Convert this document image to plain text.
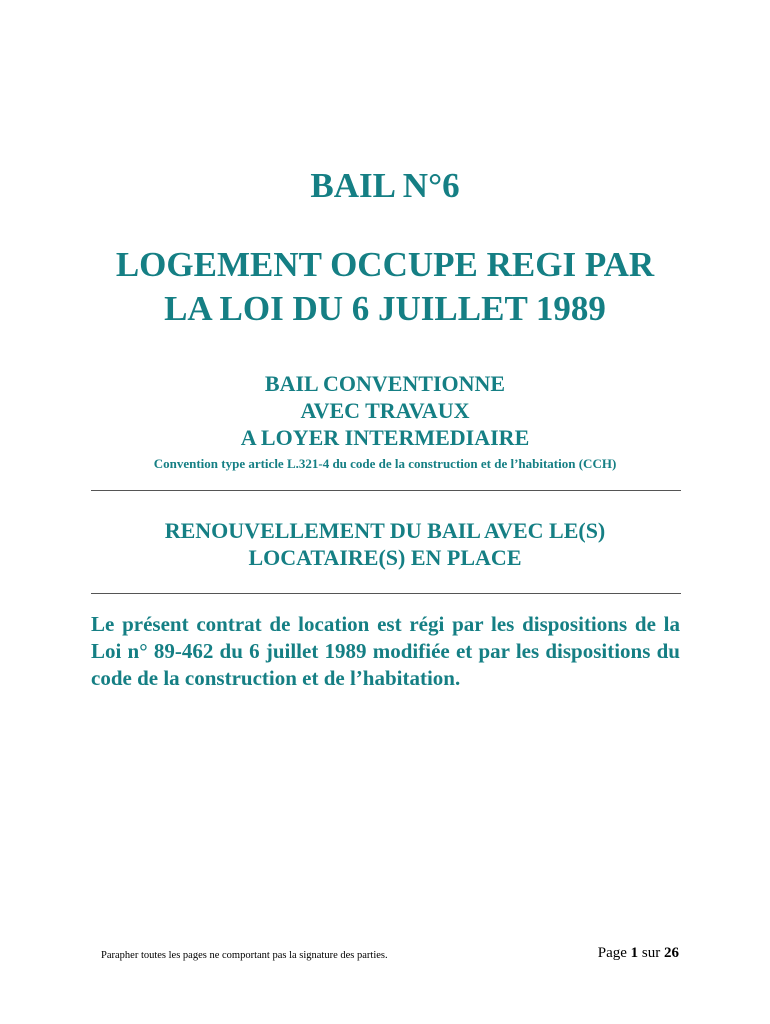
BAIL N°6
LOGEMENT OCCUPE REGI PAR
LA LOI DU 6 JUILLET 1989
BAIL CONVENTIONNE
AVEC TRAVAUX
A LOYER INTERMEDIAIRE
Convention type article L.321-4 du code de la construction et de l’habitation (CCH)
RENOUVELLEMENT DU BAIL AVEC LE(S)
LOCATAIRE(S) EN PLACE
Le présent contrat de location est régi par les dispositions de la Loi n° 89-462 du 6 juillet 1989 modifiée et par les dispositions du code de la construction et de l’habitation.
Parapher toutes les pages ne comportant pas la signature des parties.	Page 1 sur 26
